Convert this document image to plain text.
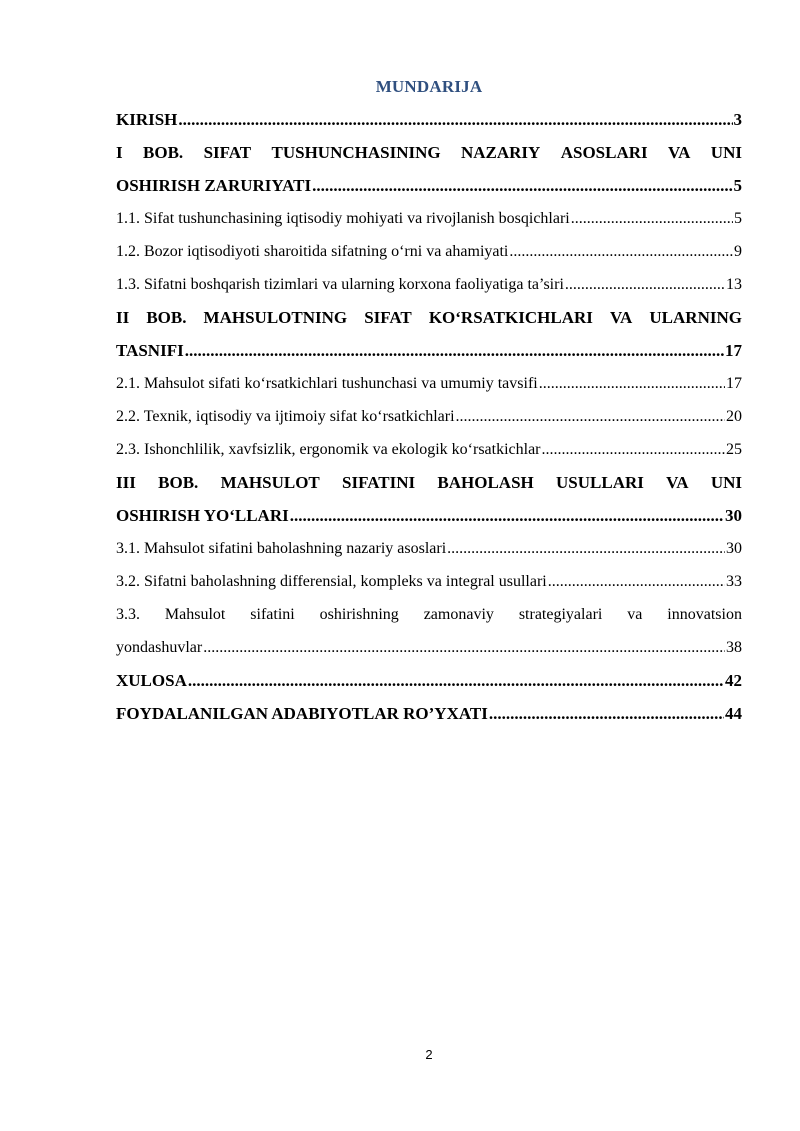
MUNDARIJA
KIRISH .....	3
I BOB. SIFAT TUSHUNCHASINING NAZARIY ASOSLARI VA UNI
OSHIRISH ZARURIYATI .....	5
1.1. Sifat tushunchasining iqtisodiy mohiyati va rivojlanish bosqichlari .....	5
1.2. Bozor iqtisodiyoti sharoitida sifatning o‘rni va ahamiyati .....	9
1.3. Sifatni boshqarish tizimlari va ularning korxona faoliyatiga ta’siri .....	13
II BOB. MAHSULOTNING SIFAT KO‘RSATKICHLARI VA ULARNING
TASNIFI .....	17
2.1. Mahsulot sifati ko‘rsatkichlari tushunchasi va umumiy tavsifi .....	17
2.2. Texnik, iqtisodiy va ijtimoiy sifat ko‘rsatkichlari .....	20
2.3. Ishonchlilik, xavfsizlik, ergonomik va ekologik ko‘rsatkichlar .....	25
III BOB. MAHSULOT SIFATINI BAHOLASH USULLARI VA UNI
OSHIRISH YO‘LLARI .....	30
3.1. Mahsulot sifatini baholashning nazariy asoslari .....	30
3.2. Sifatni baholashning differensial, kompleks va integral usullari .....	33
3.3. Mahsulot sifatini oshirishning zamonaviy strategiyalari va innovatsion
yondashuvlar .....	38
XULOSA .....	42
FOYDALANILGAN ADABIYOTLAR RO’YXATI .....	44
2
